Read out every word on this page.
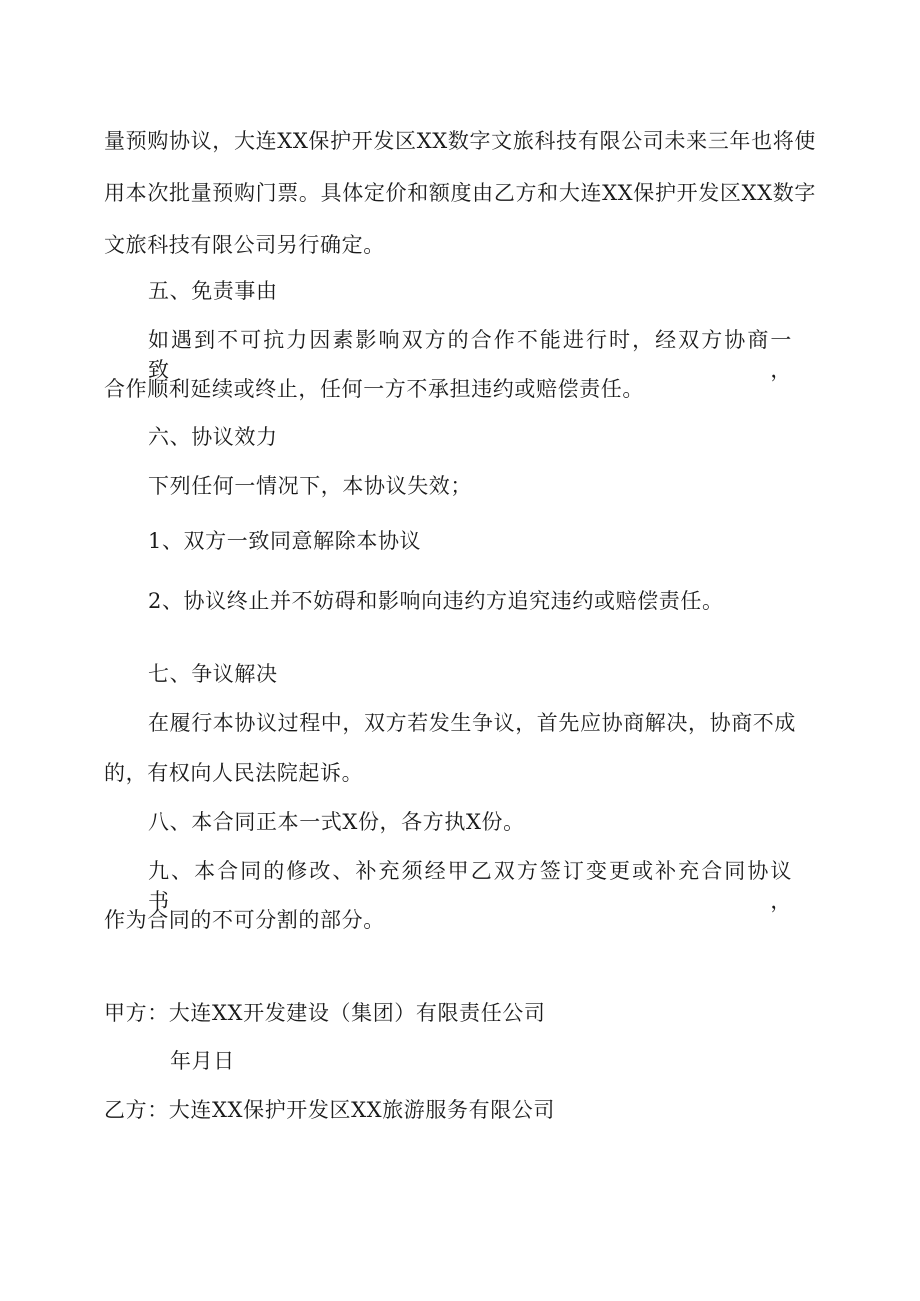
量预购协议，大连XX保护开发区XX数字文旅科技有限公司未来三年也将使
用本次批量预购门票。具体定价和额度由乙方和大连XX保护开发区XX数字
文旅科技有限公司另行确定。
五、免责事由
如遇到不可抗力因素影响双方的合作不能进行时，经双方协商一致，
合作顺利延续或终止，任何一方不承担违约或赔偿责任。
六、协议效力
下列任何一情况下，本协议失效；
1、双方一致同意解除本协议
2、协议终止并不妨碍和影响向违约方追究违约或赔偿责任。
七、争议解决
在履行本协议过程中，双方若发生争议，首先应协商解决，协商不成
的，有权向人民法院起诉。
八、本合同正本一式X份，各方执X份。
九、本合同的修改、补充须经甲乙双方签订变更或补充合同协议书，
作为合同的不可分割的部分。
甲方：大连XX开发建设（集团）有限责任公司
年月日
乙方：大连XX保护开发区XX旅游服务有限公司
